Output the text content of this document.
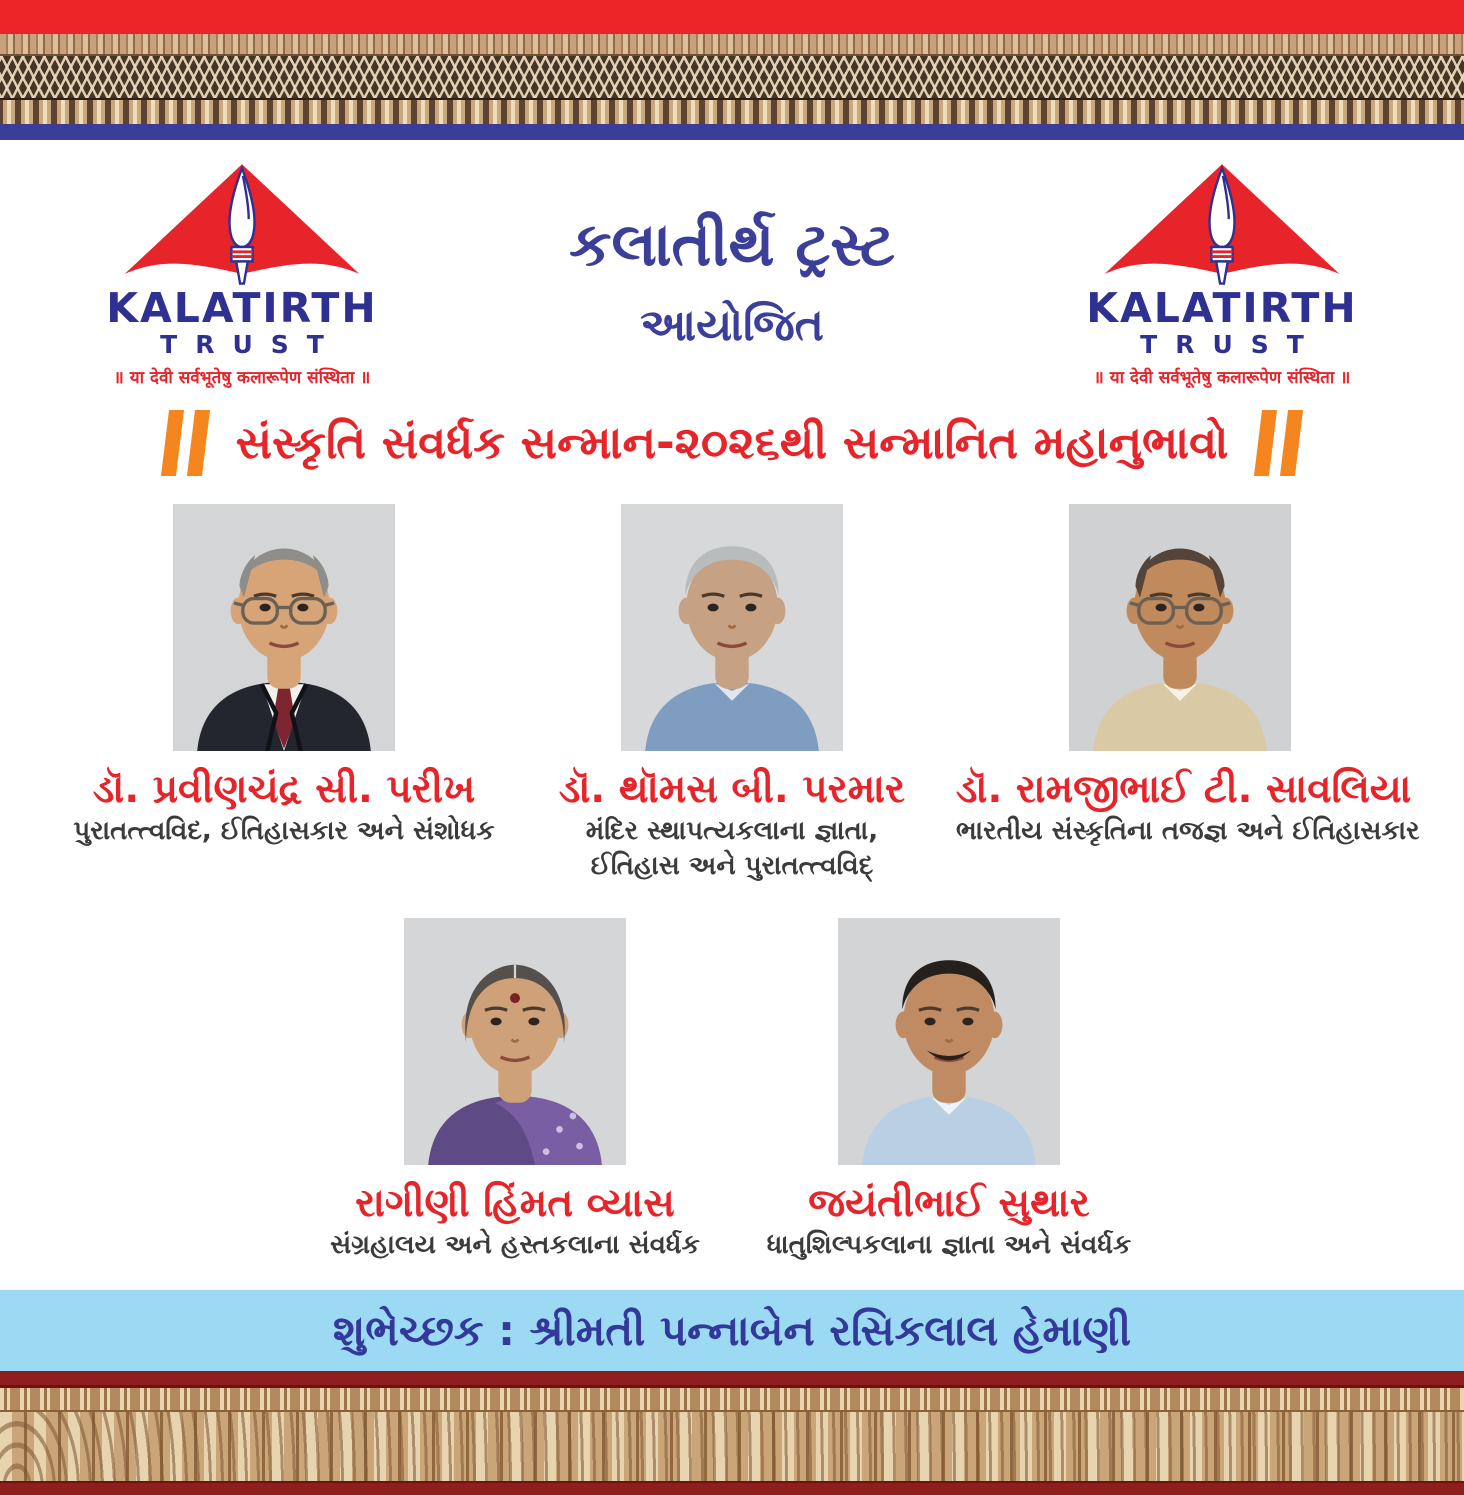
KALATIRTH
TRUST
॥ या देवी सर्वभूतेषु कलारूपेण संस्थिता ॥
કલાતીર્થ ટ્રસ્ટ
આયોજિત	KALATIRTH
TRUST
॥ या देवी सर्वभूतेषु कलारूपेण संस्थिता ॥
સંસ્કૃતિ સંવર્ધક સન્માન-૨૦૨૬થી સન્માનિત મહાનુભાવો
ડૉ. પ્રવીણચંદ્ર સી. પરીખ
પુરાતત્ત્વવિદ, ઈતિહાસકાર અને સંશોધક
ડૉ. થૉમસ બી. પરમાર
મંદિર સ્થાપત્યકલાના જ્ઞાતા,
ઈતિહાસ અને પુરાતત્ત્વવિદ્
ડૉ. રામજીભાઈ ટી. સાવલિયા
ભારતીય સંસ્કૃતિના તજજ્ઞ અને ઈતિહાસકાર
રાગીણી હિંમત વ્યાસ
સંગ્રહાલય અને હસ્તકલાના સંવર્ધક
જયંતીભાઈ સુથાર
ધાતુશિલ્પકલાના જ્ઞાતા અને સંવર્ધક
શુભેચ્છક : શ્રીમતી પન્નાબેન રસિકલાલ હેમાણી
